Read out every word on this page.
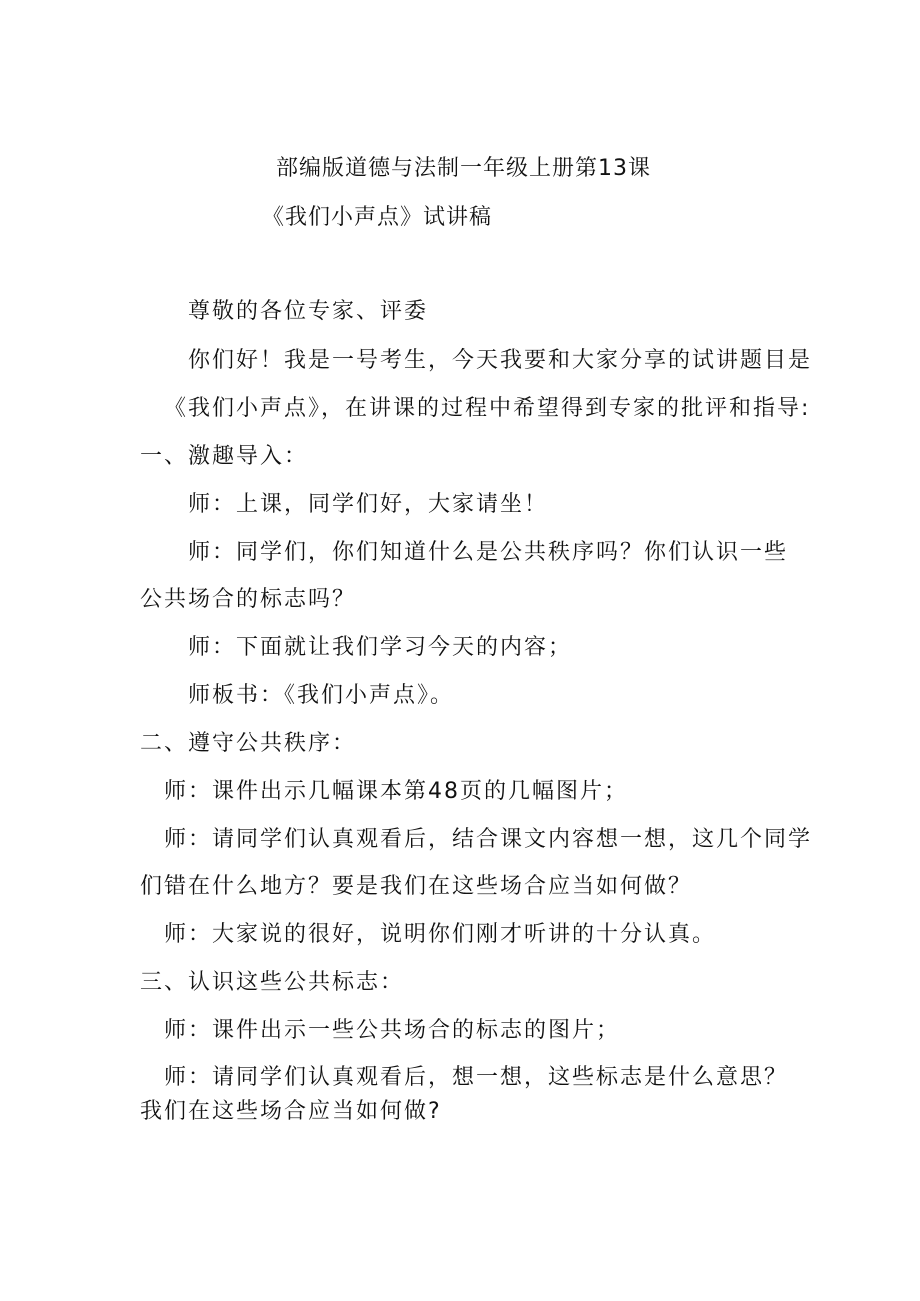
部编版道德与法制一年级上册第13课
《我们小声点》试讲稿
尊敬的各位专家、评委
你们好！我是一号考生，今天我要和大家分享的试讲题目是
《我们小声点》，在讲课的过程中希望得到专家的批评和指导:
一、激趣导入：
师：上课，同学们好，大家请坐！
师：同学们，你们知道什么是公共秩序吗？你们认识一些
公共场合的标志吗？
师：下面就让我们学习今天的内容；
师板书：《我们小声点》。
二、遵守公共秩序：
师：课件出示几幅课本第48页的几幅图片；
师：请同学们认真观看后，结合课文内容想一想，这几个同学
们错在什么地方？要是我们在这些场合应当如何做？
师：大家说的很好，说明你们刚才听讲的十分认真。
三、认识这些公共标志：
师：课件出示一些公共场合的标志的图片；
师：请同学们认真观看后，想一想，这些标志是什么意思？
我们在这些场合应当如何做?
